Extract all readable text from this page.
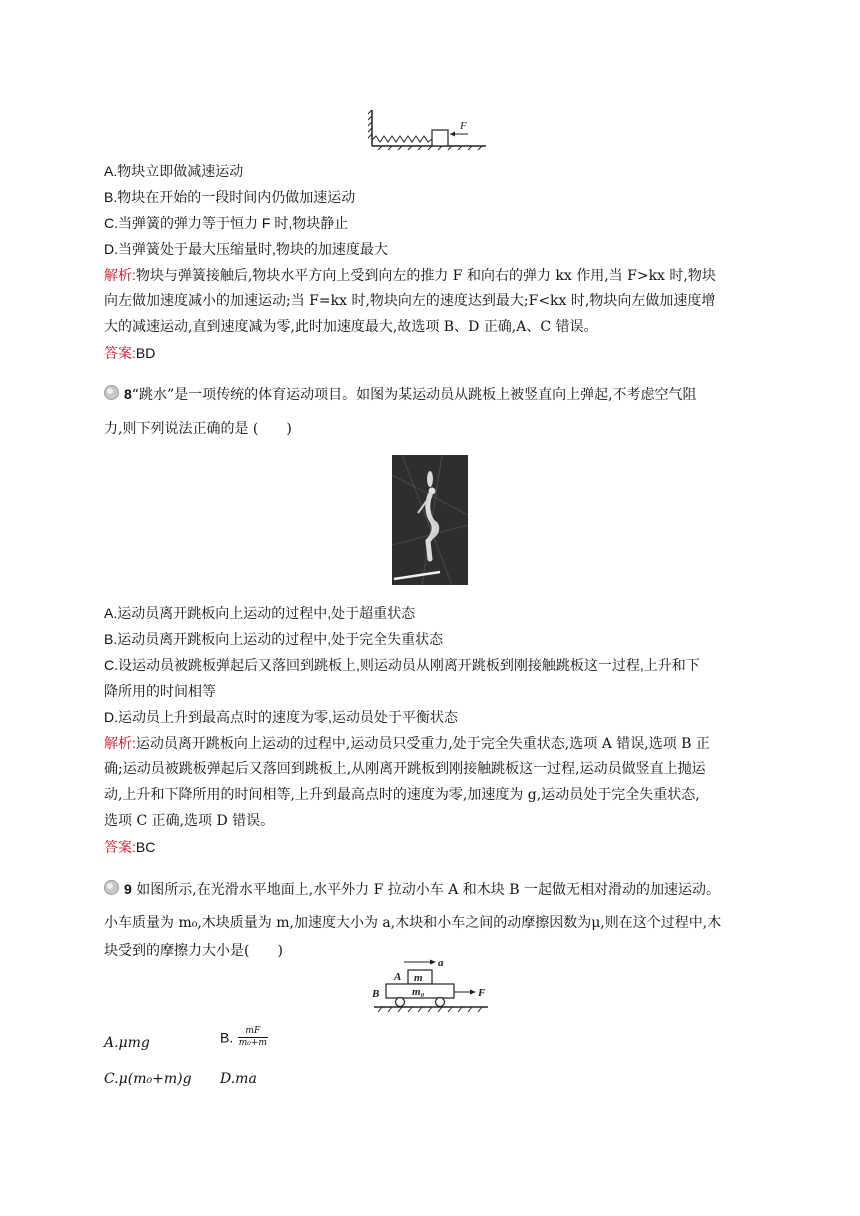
F
A.物块立即做减速运动
B.物块在开始的一段时间内仍做加速运动
C.当弹簧的弹力等于恒力 F 时,物块静止
D.当弹簧处于最大压缩量时,物块的加速度最大
解析:物块与弹簧接触后,物块水平方向上受到向左的推力 F 和向右的弹力 kx 作用,当 F>kx 时,物块
向左做加速度减小的加速运动;当 F=kx 时,物块向左的速度达到最大;F<kx 时,物块向左做加速度增
大的减速运动,直到速度减为零,此时加速度最大,故选项 B、D 正确,A、C 错误。
答案:BD
8“跳水”是一项传统的体育运动项目。如图为某运动员从跳板上被竖直向上弹起,不考虑空气阻
力,则下列说法正确的是 (　　)
A.运动员离开跳板向上运动的过程中,处于超重状态
B.运动员离开跳板向上运动的过程中,处于完全失重状态
C.设运动员被跳板弹起后又落回到跳板上,则运动员从刚离开跳板到刚接触跳板这一过程,上升和下
降所用的时间相等
D.运动员上升到最高点时的速度为零,运动员处于平衡状态
解析:运动员离开跳板向上运动的过程中,运动员只受重力,处于完全失重状态,选项 A 错误,选项 B 正
确;运动员被跳板弹起后又落回到跳板上,从刚离开跳板到刚接触跳板这一过程,运动员做竖直上抛运
动,上升和下降所用的时间相等,上升到最高点时的速度为零,加速度为 g,运动员处于完全失重状态,
选项 C 正确,选项 D 错误。
答案:BC
9 如图所示,在光滑水平地面上,水平外力 F 拉动小车 A 和木块 B 一起做无相对滑动的加速运动。
小车质量为 m₀,木块质量为 m,加速度大小为 a,木块和小车之间的动摩擦因数为μ,则在这个过程中,木
块受到的摩擦力大小是(　　)
a
A m
B	m₀	F
A.μmg	B. $\frac{mF}{\text{m₀+m}}$
C.μ(m₀+m)g D.ma
